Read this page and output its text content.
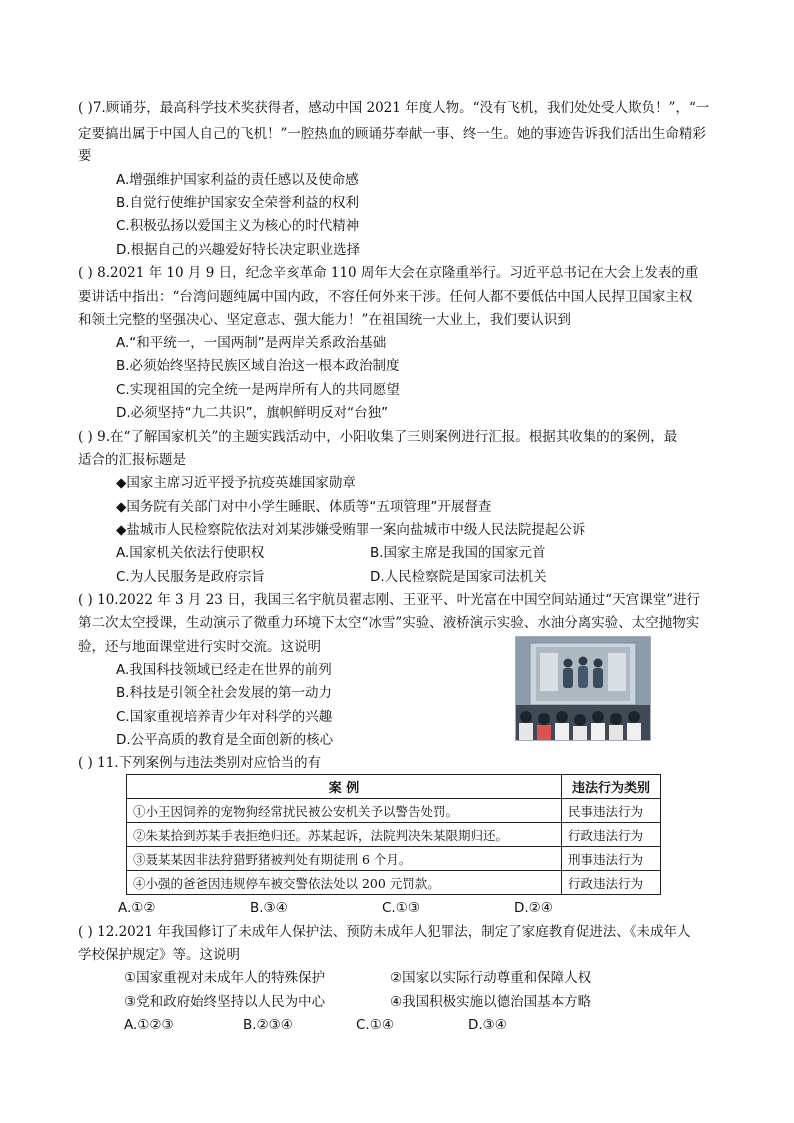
( )7.顾诵芬，最高科学技术奖获得者，感动中国 2021 年度人物。“没有飞机，我们处处受人欺负！”，“一
定要搞出属于中国人自己的飞机！”一腔热血的顾诵芬奉献一事、终一生。她的事迹告诉我们活出生命精彩
要
A.增强维护国家利益的责任感以及使命感
B.自觉行使维护国家安全荣誉利益的权利
C.积极弘扬以爱国主义为核心的时代精神
D.根据自己的兴趣爱好特长决定职业选择
( ) 8.2021 年 10 月 9 日，纪念辛亥革命 110 周年大会在京隆重举行。习近平总书记在大会上发表的重
要讲话中指出：“台湾问题纯属中国内政，不容任何外来干涉。任何人都不要低估中国人民捍卫国家主权
和领土完整的坚强决心、坚定意志、强大能力！”在祖国统一大业上，我们要认识到
A.“和平统一，一国两制”是两岸关系政治基础
B.必须始终坚持民族区域自治这一根本政治制度
C.实现祖国的完全统一是两岸所有人的共同愿望
D.必须坚持“九二共识”，旗帜鲜明反对“台独”
( ) 9.在“了解国家机关”的主题实践活动中，小阳收集了三则案例进行汇报。根据其收集的的案例，最
适合的汇报标题是
◆国家主席习近平授予抗疫英雄国家勋章
◆国务院有关部门对中小学生睡眠、体质等“五项管理”开展督查
◆盐城市人民检察院依法对刘某涉嫌受贿罪一案向盐城市中级人民法院提起公诉
A.国家机关依法行使职权	B.国家主席是我国的国家元首
C.为人民服务是政府宗旨	D.人民检察院是国家司法机关
( ) 10.2022 年 3 月 23 日，我国三名宇航员翟志刚、王亚平、叶光富在中国空间站通过“天宫课堂”进行
第二次太空授课，生动演示了微重力环境下太空“冰雪”实验、液桥演示实验、水油分离实验、太空抛物实
验，还与地面课堂进行实时交流。这说明
A.我国科技领域已经走在世界的前列
B.科技是引领全社会发展的第一动力
C.国家重视培养青少年对科学的兴趣
D.公平高质的教育是全面创新的核心
( ) 11.下列案例与违法类别对应恰当的有
案 例	违法行为类别
①小王因饲养的宠物狗经常扰民被公安机关予以警告处罚。	民事违法行为
②朱某拾到苏某手表拒绝归还。苏某起诉，法院判决朱某限期归还。	行政违法行为
③聂某某因非法狩猎野猪被判处有期徒刑 6 个月。	刑事违法行为
④小强的爸爸因违规停车被交警依法处以 200 元罚款。	行政违法行为
A.①②	B.③④	C.①③	D.②④
( ) 12.2021 年我国修订了未成年人保护法、预防未成年人犯罪法，制定了家庭教育促进法、《未成年人
学校保护规定》等。这说明
①国家重视对未成年人的特殊保护	②国家以实际行动尊重和保障人权
③党和政府始终坚持以人民为中心	④我国积极实施以德治国基本方略
A.①②③	B.②③④	C.①④	D.③④
